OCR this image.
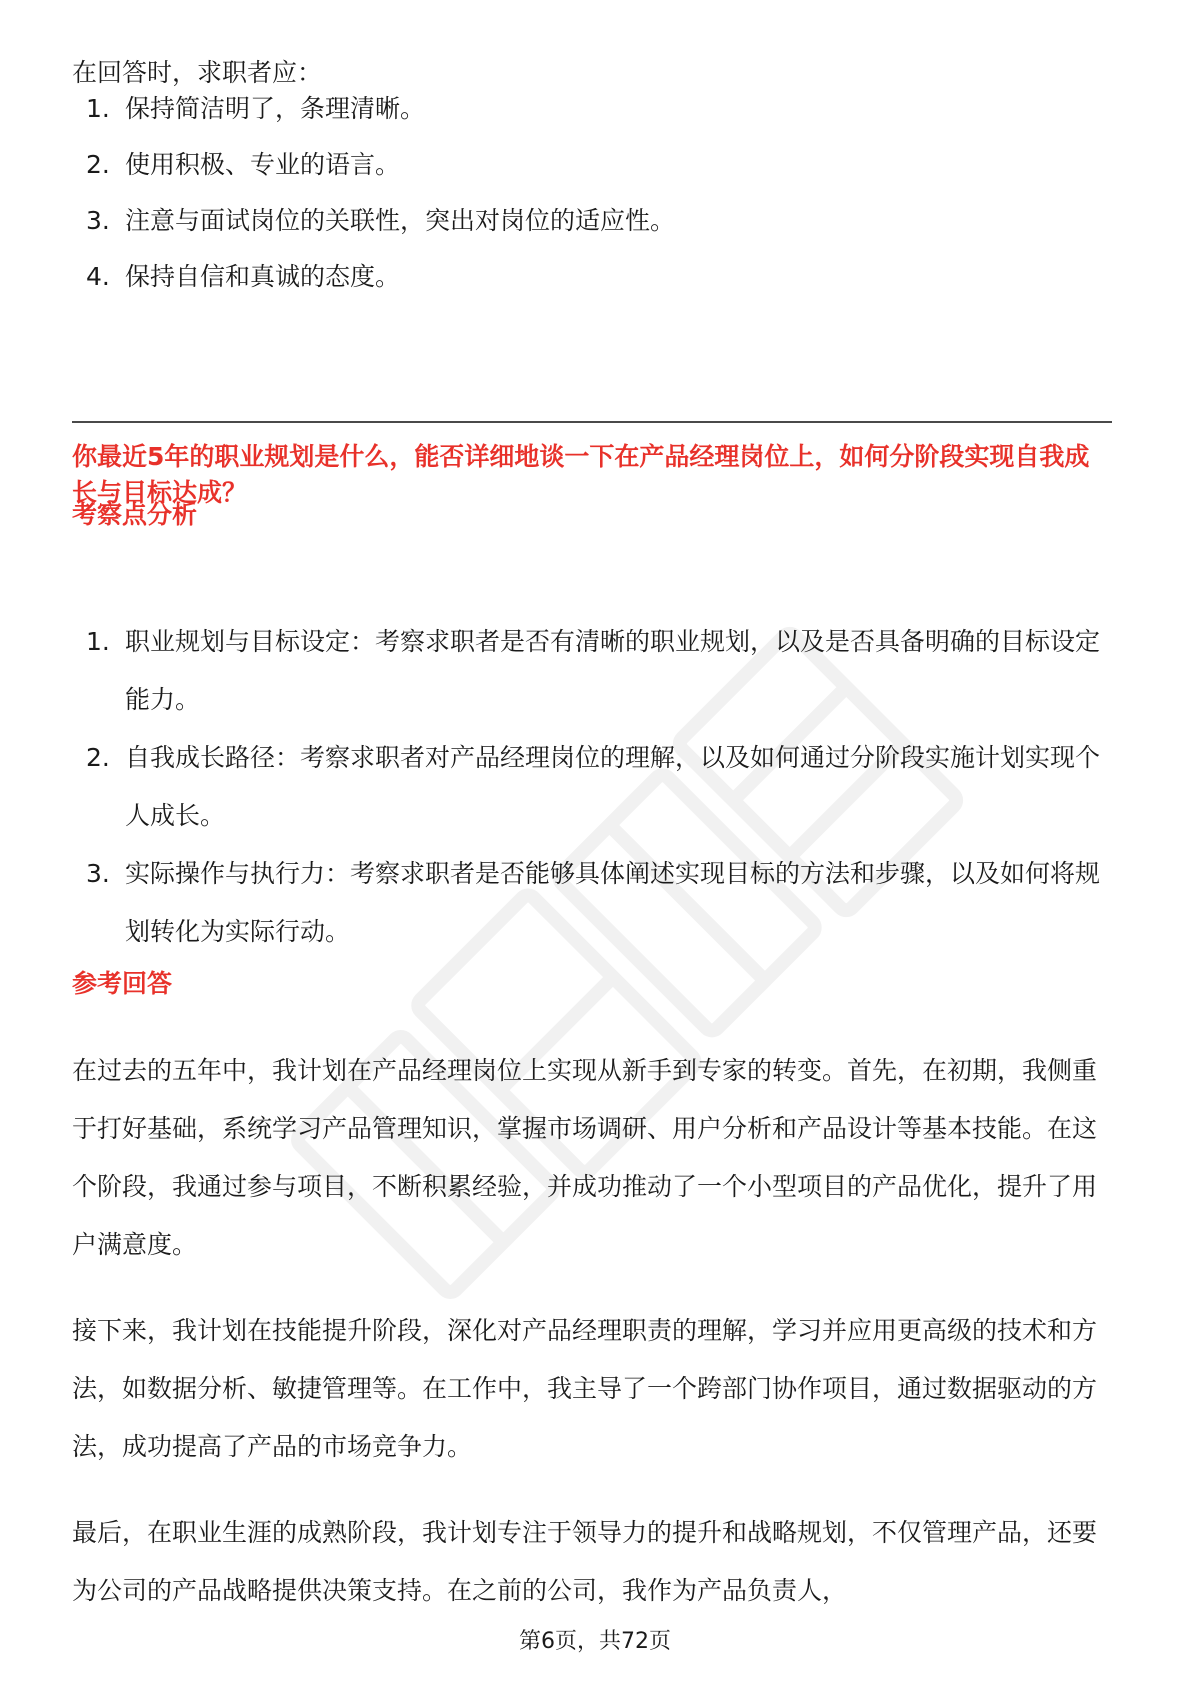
在回答时，求职者应：

1. 保持简洁明了，条理清晰。
2. 使用积极、专业的语言。
3. 注意与面试岗位的关联性，突出对岗位的适应性。
4. 保持自信和真诚的态度。
你最近5年的职业规划是什么，能否详细地谈一下在产品经理岗位上，如何分阶段实现自我成长与目标达成？
考察点分析
1. 职业规划与目标设定：考察求职者是否有清晰的职业规划，以及是否具备明确的目标设定能力。
2. 自我成长路径：考察求职者对产品经理岗位的理解，以及如何通过分阶段实施计划实现个人成长。
3. 实际操作与执行力：考察求职者是否能够具体阐述实现目标的方法和步骤，以及如何将规划转化为实际行动。
参考回答

在过去的五年中，我计划在产品经理岗位上实现从新手到专家的转变。首先，在初期，我侧重于打好基础，系统学习产品管理知识，掌握市场调研、用户分析和产品设计等基本技能。在这个阶段，我通过参与项目，不断积累经验，并成功推动了一个小型项目的产品优化，提升了用户满意度。

接下来，我计划在技能提升阶段，深化对产品经理职责的理解，学习并应用更高级的技术和方法，如数据分析、敏捷管理等。在工作中，我主导了一个跨部门协作项目，通过数据驱动的方法，成功提高了产品的市场竞争力。

最后，在职业生涯的成熟阶段，我计划专注于领导力的提升和战略规划，不仅管理产品，还要为公司的产品战略提供决策支持。在之前的公司，我作为产品负责人，

第6页，共72页
